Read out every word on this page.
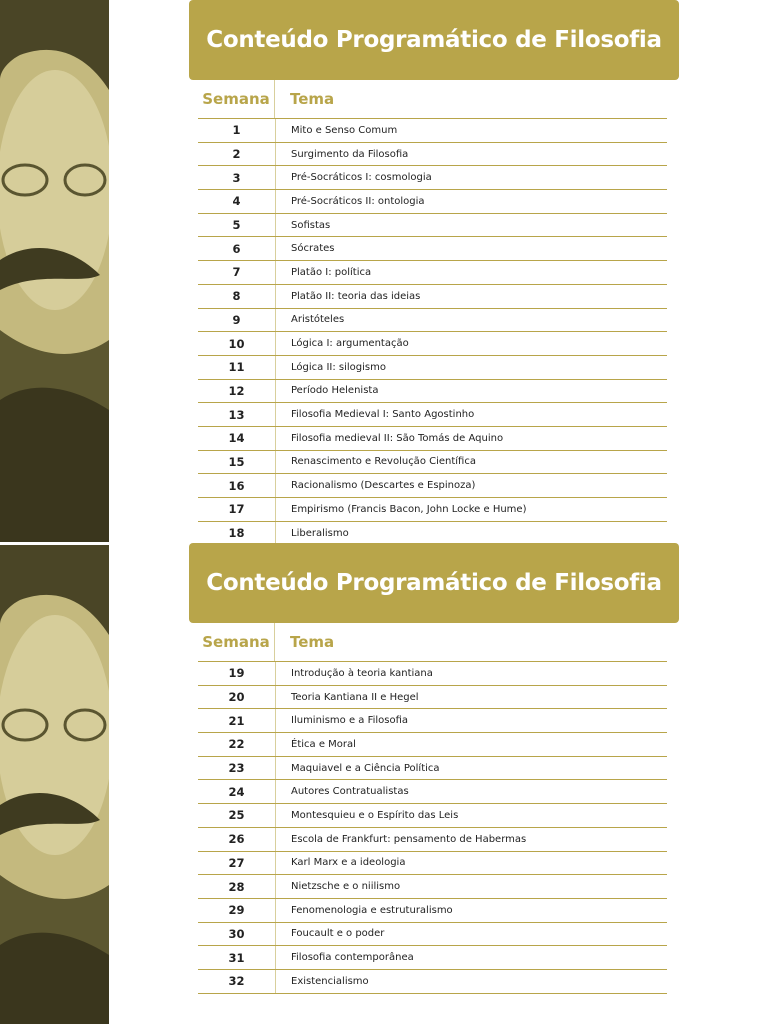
Conteúdo Programático de Filosofia
Semana	Tema
1	Mito e Senso Comum
2	Surgimento da Filosofia
3	Pré-Socráticos I: cosmologia
4	Pré-Socráticos II: ontologia
5	Sofistas
6	Sócrates
7	Platão I: política
8	Platão II: teoria das ideias
9	Aristóteles
10	Lógica I: argumentação
11	Lógica II: silogismo
12	Período Helenista
13	Filosofia Medieval I: Santo Agostinho
14	Filosofia medieval II: São Tomás de Aquino
15	Renascimento e Revolução Científica
16	Racionalismo (Descartes e Espinoza)
17	Empirismo (Francis Bacon, John Locke e Hume)
18	Liberalismo
Conteúdo Programático de Filosofia
Semana	Tema
19	Introdução à teoria kantiana
20	Teoria Kantiana II e Hegel
21	Iluminismo e a Filosofia
22	Ética e Moral
23	Maquiavel e a Ciência Política
24	Autores Contratualistas
25	Montesquieu e o Espírito das Leis
26	Escola de Frankfurt: pensamento de Habermas
27	Karl Marx e a ideologia
28	Nietzsche e o niilismo
29	Fenomenologia e estruturalismo
30	Foucault e o poder
31	Filosofia contemporânea
32	Existencialismo
